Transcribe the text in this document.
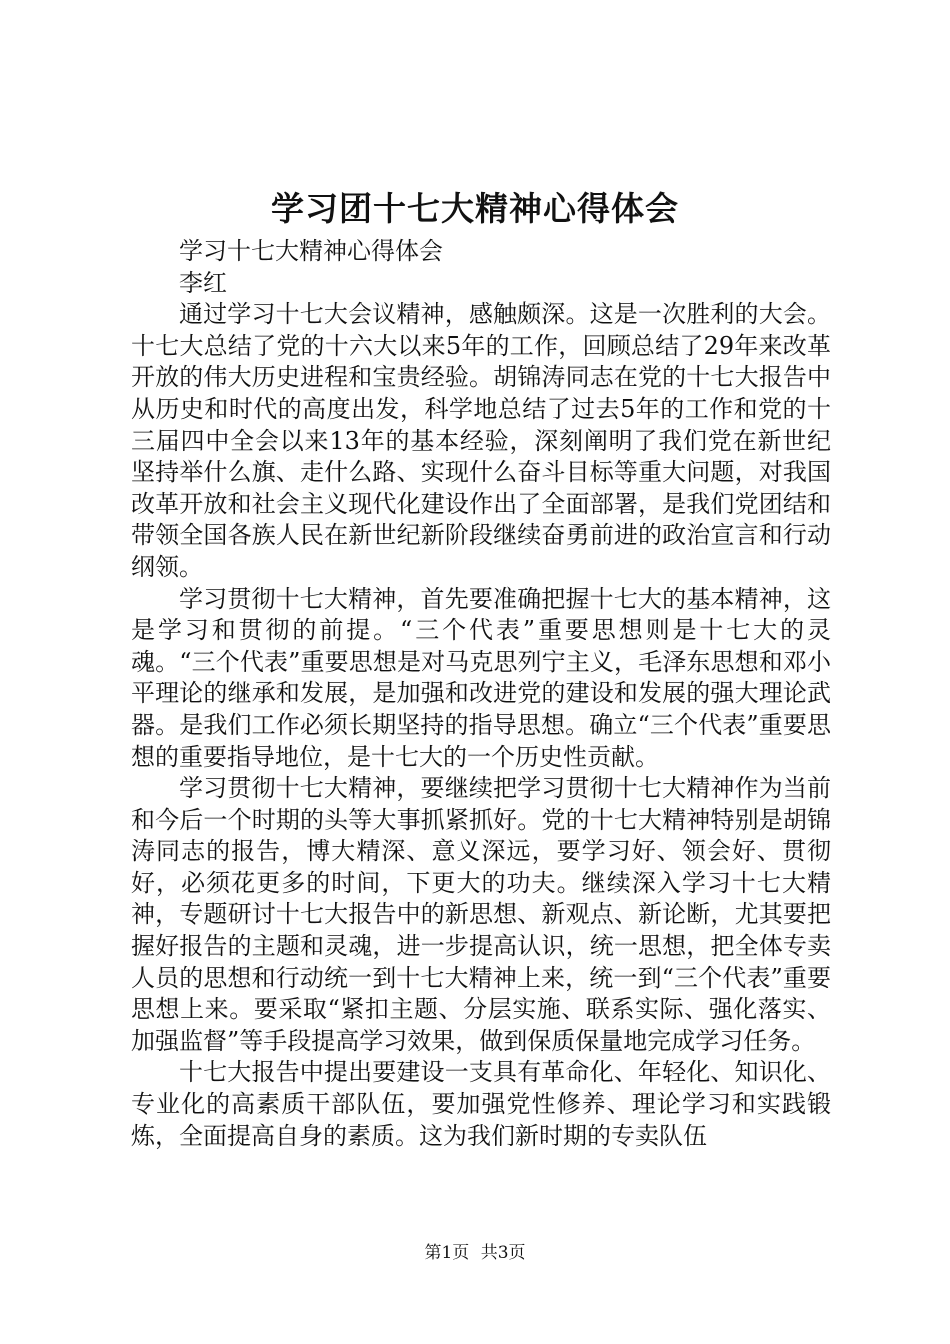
学习团十七大精神心得体会

学习十七大精神心得体会

李红

通过学习十七大会议精神，感触颇深。这是一次胜利的大会。十七大总结了党的十六大以来5年的工作，回顾总结了29年来改革开放的伟大历史进程和宝贵经验。胡锦涛同志在党的十七大报告中从历史和时代的高度出发，科学地总结了过去5年的工作和党的十三届四中全会以来13年的基本经验，深刻阐明了我们党在新世纪坚持举什么旗、走什么路、实现什么奋斗目标等重大问题，对我国改革开放和社会主义现代化建设作出了全面部署，是我们党团结和带领全国各族人民在新世纪新阶段继续奋勇前进的政治宣言和行动纲领。

学习贯彻十七大精神，首先要准确把握十七大的基本精神，这是学习和贯彻的前提。“三个代表”重要思想则是十七大的灵魂。“三个代表”重要思想是对马克思列宁主义，毛泽东思想和邓小平理论的继承和发展，是加强和改进党的建设和发展的强大理论武器。是我们工作必须长期坚持的指导思想。确立“三个代表”重要思想的重要指导地位，是十七大的一个历史性贡献。

学习贯彻十七大精神，要继续把学习贯彻十七大精神作为当前和今后一个时期的头等大事抓紧抓好。党的十七大精神特别是胡锦涛同志的报告，博大精深、意义深远，要学习好、领会好、贯彻好，必须花更多的时间，下更大的功夫。继续深入学习十七大精神，专题研讨十七大报告中的新思想、新观点、新论断，尤其要把握好报告的主题和灵魂，进一步提高认识，统一思想，把全体专卖人员的思想和行动统一到十七大精神上来，统一到“三个代表”重要思想上来。要采取“紧扣主题、分层实施、联系实际、强化落实、加强监督”等手段提高学习效果，做到保质保量地完成学习任务。

十七大报告中提出要建设一支具有革命化、年轻化、知识化、专业化的高素质干部队伍，要加强党性修养、理论学习和实践锻炼，全面提高自身的素质。这为我们新时期的专卖队伍

第1页 共3页
